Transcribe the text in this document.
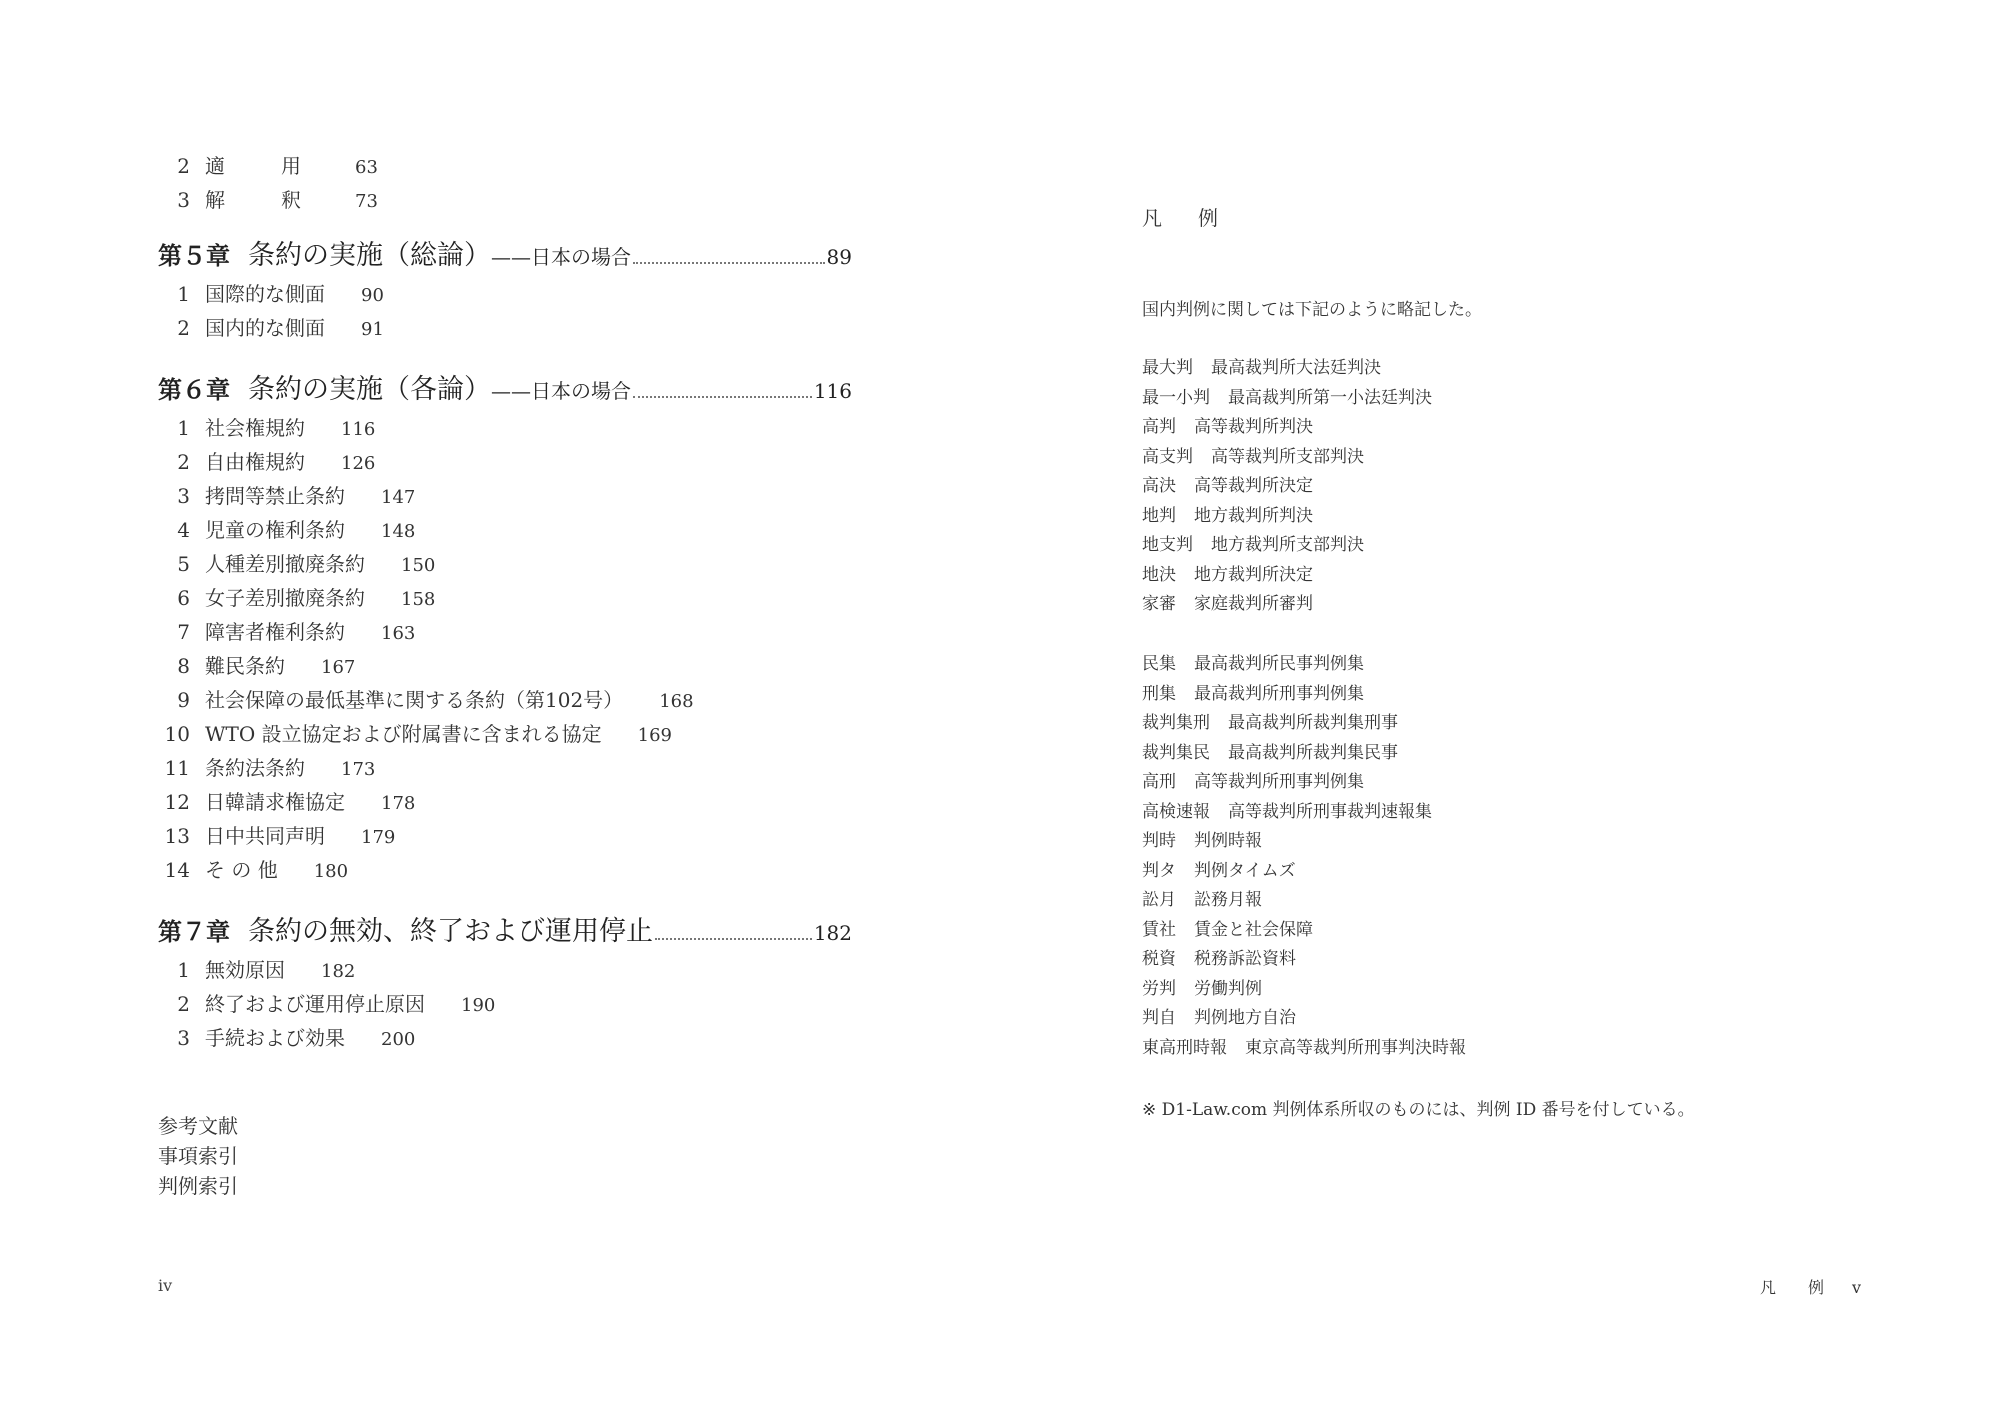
2 適　用 63
3 解　釈 73
第５章 条約の実施（総論） ——日本の場合	89
1 国際的な側面 90
2 国内的な側面 91
第６章 条約の実施（各論） ——日本の場合	116
1 社会権規約 116
2 自由権規約 126
3 拷問等禁止条約 147
4 児童の権利条約 148
5 人種差別撤廃条約 150
6 女子差別撤廃条約 158
7 障害者権利条約 163
8 難民条約 167
9 社会保障の最低基準に関する条約（第102号） 168
10 WTO 設立協定および附属書に含まれる協定 169
11 条約法条約 173
12 日韓請求権協定 178
13 日中共同声明 179
14 そ の 他 180
第７章 条約の無効、終了および運用停止	182
1 無効原因 182
2 終了および運用停止原因 190
3 手続および効果 200
参考文献
事項索引
判例索引
iv
凡　例
国内判例に関しては下記のように略記した。
最大判 最高裁判所大法廷判決
最一小判 最高裁判所第一小法廷判決
高判 高等裁判所判決
高支判 高等裁判所支部判決
高決 高等裁判所決定
地判 地方裁判所判決
地支判 地方裁判所支部判決
地決 地方裁判所決定
家審 家庭裁判所審判
民集 最高裁判所民事判例集
刑集 最高裁判所刑事判例集
裁判集刑 最高裁判所裁判集刑事
裁判集民 最高裁判所裁判集民事
高刑 高等裁判所刑事判例集
高検速報 高等裁判所刑事裁判速報集
判時 判例時報
判タ 判例タイムズ
訟月 訟務月報
賃社 賃金と社会保障
税資 税務訴訟資料
労判 労働判例
判自 判例地方自治
東高刑時報 東京高等裁判所刑事判決時報
※ D1-Law.com 判例体系所収のものには、判例 ID 番号を付している。
凡　例 v
